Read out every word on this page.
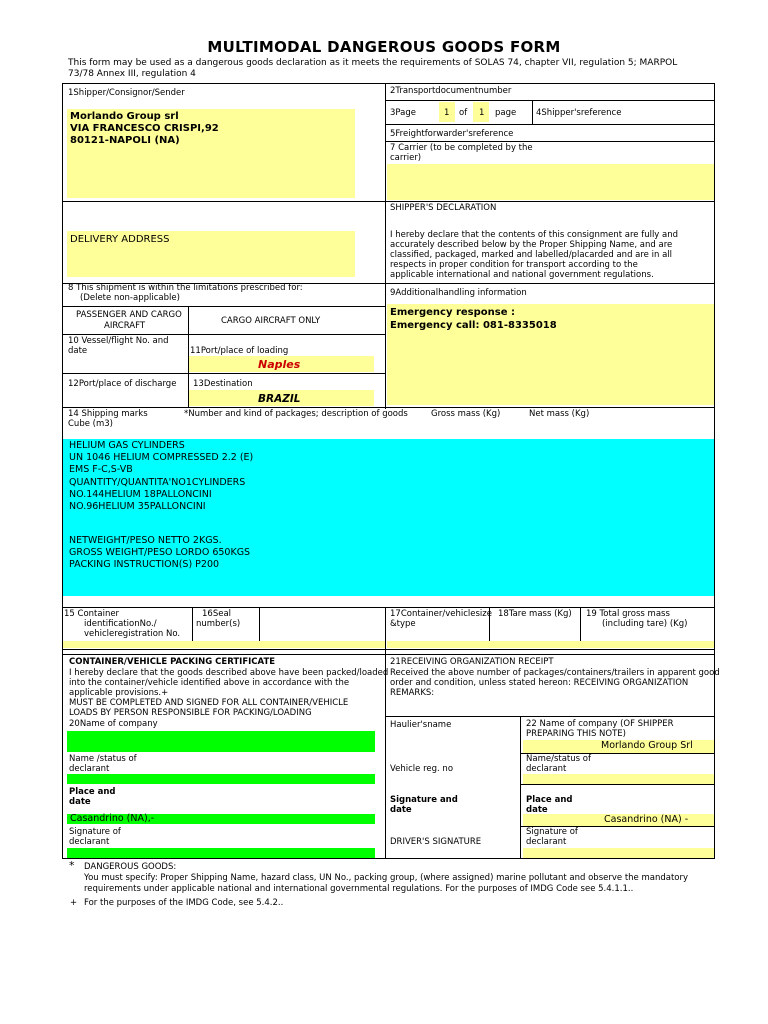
MULTIMODAL DANGEROUS GOODS FORM
This form may be used as a dangerous goods declaration as it meets the requirements of SOLAS 74, chapter VII, regulation 5; MARPOL
73/78 Annex III, regulation 4
1Shipper/Consignor/Sender
Morlando Group srl
VIA FRANCESCO CRISPI,92
80121-NAPOLI (NA)
2Transportdocumentnumber
3Page	1 of 1 page 4Shipper'sreference
5Freightforwarder'sreference
7 Carrier (to be completed by the
carrier)
DELIVERY ADDRESS
SHIPPER'S DECLARATION
I hereby declare that the contents of this consignment are fully and
accurately described below by the Proper Shipping Name, and are
classified, packaged, marked and labelled/placarded and are in all
respects in proper condition for transport according to the
applicable international and national government regulations.
8 This shipment is within the limitations prescribed for:
(Delete non-applicable)
PASSENGER AND CARGO
AIRCRAFT	CARGO AIRCRAFT ONLY
9Additionalhandling information
Emergency response :
Emergency call: 081-8335018
10 Vessel/flight No. and
date	11Port/place of loading
Naples
12Port/place of discharge 13Destination
BRAZIL
14 Shipping marks	*Number and kind of packages; description of goods	Gross mass (Kg)	Net mass (Kg)
Cube (m3)
HELIUM GAS CYLINDERS
UN 1046 HELIUM COMPRESSED 2.2 (E)
EMS F-C,S-VB
QUANTITY/QUANTITA'NO1CYLINDERS
NO.144HELIUM 18PALLONCINI
NO.96HELIUM 35PALLONCINI
NETWEIGHT/PESO NETTO 2KGS.
GROSS WEIGHT/PESO LORDO 650KGS
PACKING INSTRUCTION(S) P200
15 Container
identificationNo./
vehicleregistration No.
16Seal
number(s)
17Container/vehiclesize
&type
18Tare mass (Kg) 19 Total gross mass
(including tare) (Kg)
CONTAINER/VEHICLE PACKING CERTIFICATE
I hereby declare that the goods described above have been packed/loaded
into the container/vehicle identified above in accordance with the
applicable provisions.+
MUST BE COMPLETED AND SIGNED FOR ALL CONTAINER/VEHICLE
LOADS BY PERSON RESPONSIBLE FOR PACKING/LOADING
20Name of company
Name /status of
declarant
Place and
date
Casandrino (NA),-
Signature of
declarant
21RECEIVING ORGANIZATION RECEIPT
Received the above number of packages/containers/trailers in apparent good
order and condition, unless stated hereon: RECEIVING ORGANIZATION
REMARKS:
Haulier'sname
Vehicle reg. no
Signature and
date
DRIVER'S SIGNATURE
22 Name of company (OF SHIPPER
PREPARING THIS NOTE)
Morlando Group Srl
Name/status of
declarant
Place and
date
Casandrino (NA) -
Signature of
declarant
* DANGEROUS GOODS:
You must specify: Proper Shipping Name, hazard class, UN No., packing group, (where assigned) marine pollutant and observe the mandatory
requirements under applicable national and international governmental regulations. For the purposes of IMDG Code see 5.4.1.1..
+ For the purposes of the IMDG Code, see 5.4.2..
